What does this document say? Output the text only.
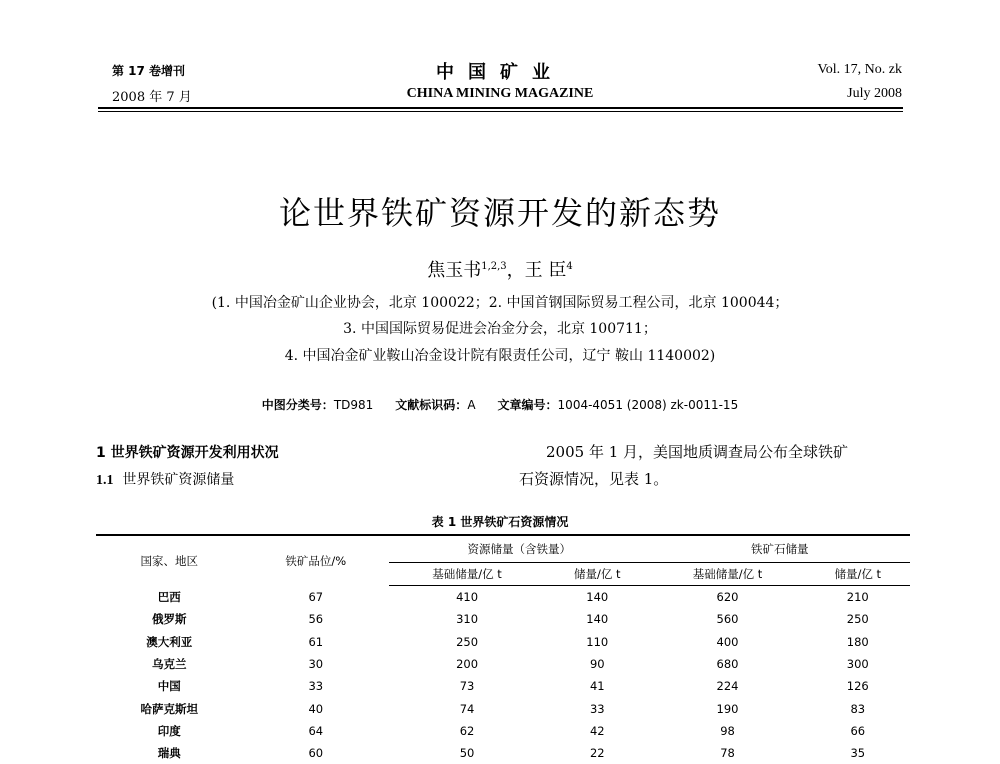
第 17 卷增刊
2008 年 7 月
中国矿业
CHINA MINING MAGAZINE
Vol. 17, No. zk
July 2008
论世界铁矿资源开发的新态势
焦玉书$^{1,2,3}$，王 臣$^4$
(1. 中国冶金矿山企业协会，北京 100022；2. 中国首钢国际贸易工程公司，北京 100044；
3. 中国国际贸易促进会冶金分会，北京 100711；
4. 中国冶金矿业鞍山冶金设计院有限责任公司，辽宁 鞍山 1140002)
中图分类号：TD981 文献标识码：A 文章编号：1004-4051 (2008) zk-0011-15
1 世界铁矿资源开发利用状况
1.1 世界铁矿资源储量
2005 年 1 月，美国地质调查局公布全球铁矿
石资源情况，见表 1。
表 1 世界铁矿石资源情况
国家、地区	铁矿品位/%	资源储量（含铁量）		铁矿石储量	
		基础储量/亿 t	储量/亿 t	基础储量/亿 t	储量/亿 t
巴西	67	410	140	620	210
俄罗斯	56	310	140	560	250
澳大利亚	61	250	110	400	180
乌克兰	30	200	90	680	300
中国	33	73	41	224	126
哈萨克斯坦	40	74	33	190	83
印度	64	62	42	98	66
瑞典	60	50	22	78	35
